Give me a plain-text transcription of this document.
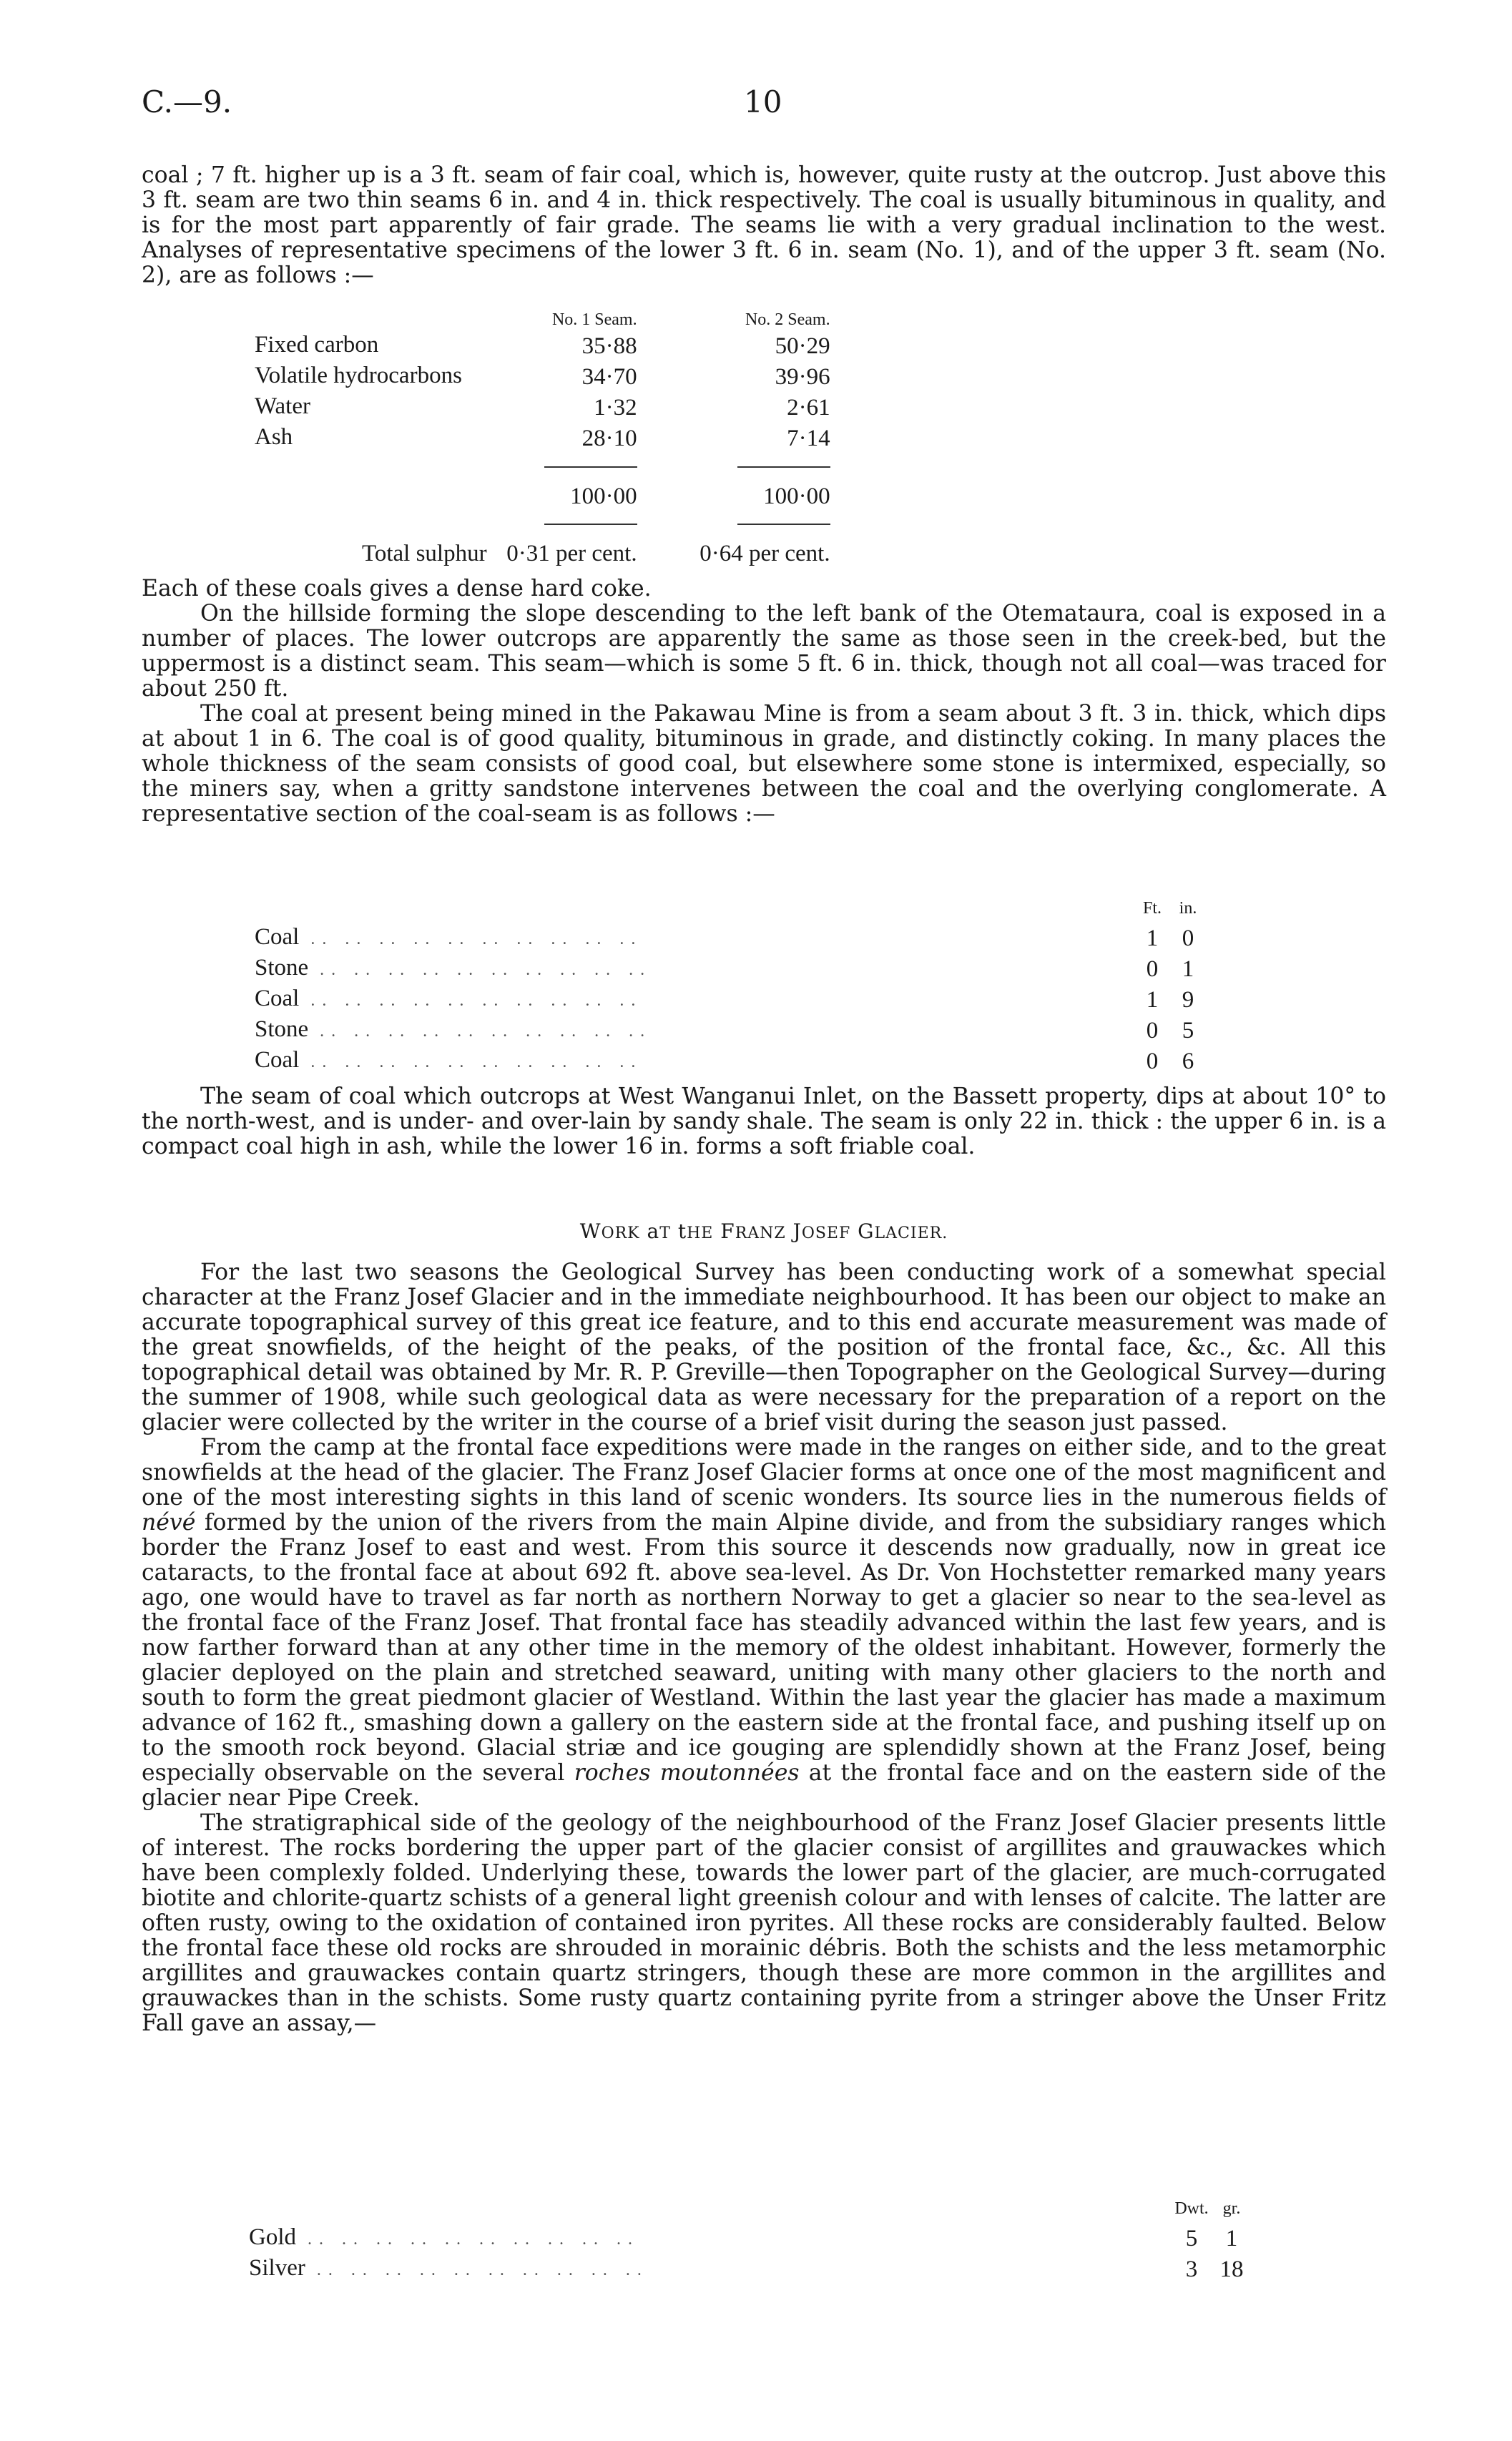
C.—9.	10

coal ; 7 ft. higher up is a 3 ft. seam of fair coal, which is, however, quite rusty at the outcrop. Just above this 3 ft. seam are two thin seams 6 in. and 4 in. thick respectively. The coal is usually bituminous in quality, and is for the most part apparently of fair grade. The seams lie with a very gradual inclination to the west. Analyses of representative specimens of the lower 3 ft. 6 in. seam (No. 1), and of the upper 3 ft. seam (No. 2), are as follows :—

	No. 1 Seam.	No. 2 Seam.
Fixed carbon	35·88	50·29
Volatile hydrocarbons	34·70	39·96
Water	1·32	2·61
Ash	28·10	7·14

	100·00	100·00

Total sulphur	0·31 per cent.	0·64 per cent.

Each of these coals gives a dense hard coke.

On the hillside forming the slope descending to the left bank of the Otemataura, coal is exposed in a number of places. The lower outcrops are apparently the same as those seen in the creek-bed, but the uppermost is a distinct seam. This seam—which is some 5 ft. 6 in. thick, though not all coal—was traced for about 250 ft.

The coal at present being mined in the Pakawau Mine is from a seam about 3 ft. 3 in. thick, which dips at about 1 in 6. The coal is of good quality, bituminous in grade, and distinctly coking. In many places the whole thickness of the seam consists of good coal, but elsewhere some stone is intermixed, especially, so the miners say, when a gritty sandstone intervenes between the coal and the overlying conglomerate. A representative section of the coal-seam is as follows :—

	Ft.	in.
Coal .. .. .. .. .. .. .. .. .. ..	1	0
Stone .. .. .. .. .. .. .. .. .. ..	0	1
Coal .. .. .. .. .. .. .. .. .. ..	1	9
Stone .. .. .. .. .. .. .. .. .. ..	0	5
Coal .. .. .. .. .. .. .. .. .. ..	0	6

The seam of coal which outcrops at West Wanganui Inlet, on the Bassett property, dips at about 10° to the north-west, and is under- and over-lain by sandy shale. The seam is only 22 in. thick : the upper 6 in. is a compact coal high in ash, while the lower 16 in. forms a soft friable coal.

WORK aT tHE FRANZ JOSEF GLACIER.

For the last two seasons the Geological Survey has been conducting work of a somewhat special character at the Franz Josef Glacier and in the immediate neighbourhood. It has been our object to make an accurate topographical survey of this great ice feature, and to this end accurate measurement was made of the great snowfields, of the height of the peaks, of the position of the frontal face, &c., &c. All this topographical detail was obtained by Mr. R. P. Greville—then Topographer on the Geological Survey—during the summer of 1908, while such geological data as were necessary for the preparation of a report on the glacier were collected by the writer in the course of a brief visit during the season just passed.

From the camp at the frontal face expeditions were made in the ranges on either side, and to the great snowfields at the head of the glacier. The Franz Josef Glacier forms at once one of the most magnificent and one of the most interesting sights in this land of scenic wonders. Its source lies in the numerous fields of névé formed by the union of the rivers from the main Alpine divide, and from the subsidiary ranges which border the Franz Josef to east and west. From this source it descends now gradually, now in great ice cataracts, to the frontal face at about 692 ft. above sea-level. As Dr. Von Hochstetter remarked many years ago, one would have to travel as far north as northern Norway to get a glacier so near to the sea-level as the frontal face of the Franz Josef. That frontal face has steadily advanced within the last few years, and is now farther forward than at any other time in the memory of the oldest inhabitant. However, formerly the glacier deployed on the plain and stretched seaward, uniting with many other glaciers to the north and south to form the great piedmont glacier of Westland. Within the last year the glacier has made a maximum advance of 162 ft., smashing down a gallery on the eastern side at the frontal face, and pushing itself up on to the smooth rock beyond. Glacial striæ and ice gouging are splendidly shown at the Franz Josef, being especially observable on the several roches moutonnées at the frontal face and on the eastern side of the glacier near Pipe Creek.

The stratigraphical side of the geology of the neighbourhood of the Franz Josef Glacier presents little of interest. The rocks bordering the upper part of the glacier consist of argillites and grauwackes which have been complexly folded. Underlying these, towards the lower part of the glacier, are much-corrugated biotite and chlorite-quartz schists of a general light greenish colour and with lenses of calcite. The latter are often rusty, owing to the oxidation of contained iron pyrites. All these rocks are considerably faulted. Below the frontal face these old rocks are shrouded in morainic débris. Both the schists and the less metamorphic argillites and grauwackes contain quartz stringers, though these are more common in the argillites and grauwackes than in the schists. Some rusty quartz containing pyrite from a stringer above the Unser Fritz Fall gave an assay,—

	Dwt.	gr.
Gold .. .. .. .. .. .. .. .. .. ..	5	1
Silver .. .. .. .. .. .. .. .. .. ..	3	18
